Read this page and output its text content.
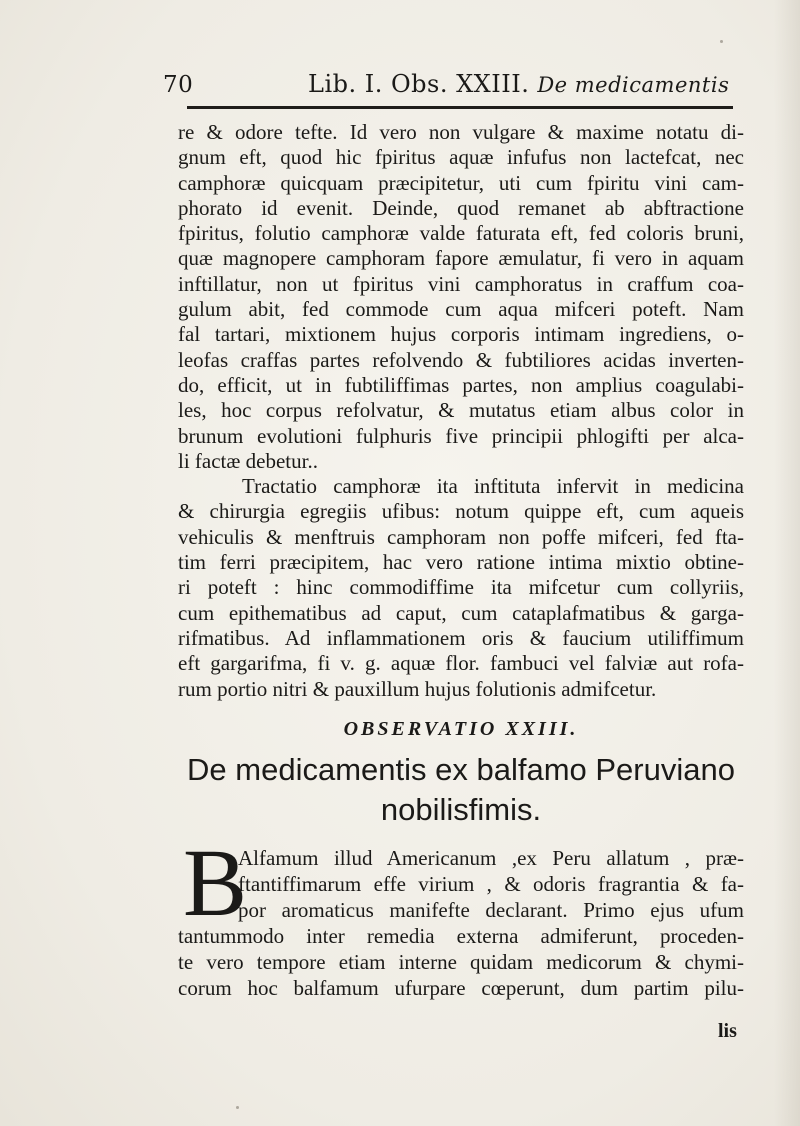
70	Lib. I. Obs. XXIII. De medicamentis
re & odore tefte. Id vero non vulgare & maxime notatu di-
gnum eft, quod hic fpiritus aquæ infufus non lactefcat, nec
camphoræ quicquam præcipitetur, uti cum fpiritu vini cam-
phorato id evenit. Deinde, quod remanet ab abftractione
fpiritus, folutio camphoræ valde faturata eft, fed coloris bruni,
quæ magnopere camphoram fapore æmulatur, fi vero in aquam
inftillatur, non ut fpiritus vini camphoratus in craffum coa-
gulum abit, fed commode cum aqua mifceri poteft. Nam
fal tartari, mixtionem hujus corporis intimam ingrediens, o-
leofas craffas partes refolvendo & fubtiliores acidas inverten-
do, efficit, ut in fubtiliffimas partes, non amplius coagulabi-
les, hoc corpus refolvatur, & mutatus etiam albus color in
brunum evolutioni fulphuris five principii phlogifti per alca-
li factæ debetur..
Tractatio camphoræ ita inftituta infervit in medicina
& chirurgia egregiis ufibus: notum quippe eft, cum aqueis
vehiculis & menftruis camphoram non poffe mifceri, fed fta-
tim ferri præcipitem, hac vero ratione intima mixtio obtine-
ri poteft : hinc commodiffime ita mifcetur cum collyriis,
cum epithematibus ad caput, cum cataplafmatibus & garga-
rifmatibus. Ad inflammationem oris & faucium utiliffimum
eft gargarifma, fi v. g. aquæ flor. fambuci vel falviæ aut rofa-
rum portio nitri & pauxillum hujus folutionis admifcetur.
OBSERVATIO XXIII.
De medicamentis ex balfamo Peruviano
nobilisfimis.
B
Alfamum illud Americanum ,ex Peru allatum , præ-
ftantiffimarum effe virium , & odoris fragrantia & fa-
por aromaticus manifefte declarant. Primo ejus ufum
tantummodo inter remedia externa admiferunt, proceden-
te vero tempore etiam interne quidam medicorum & chymi-
corum hoc balfamum ufurpare cœperunt, dum partim pilu-
lis
